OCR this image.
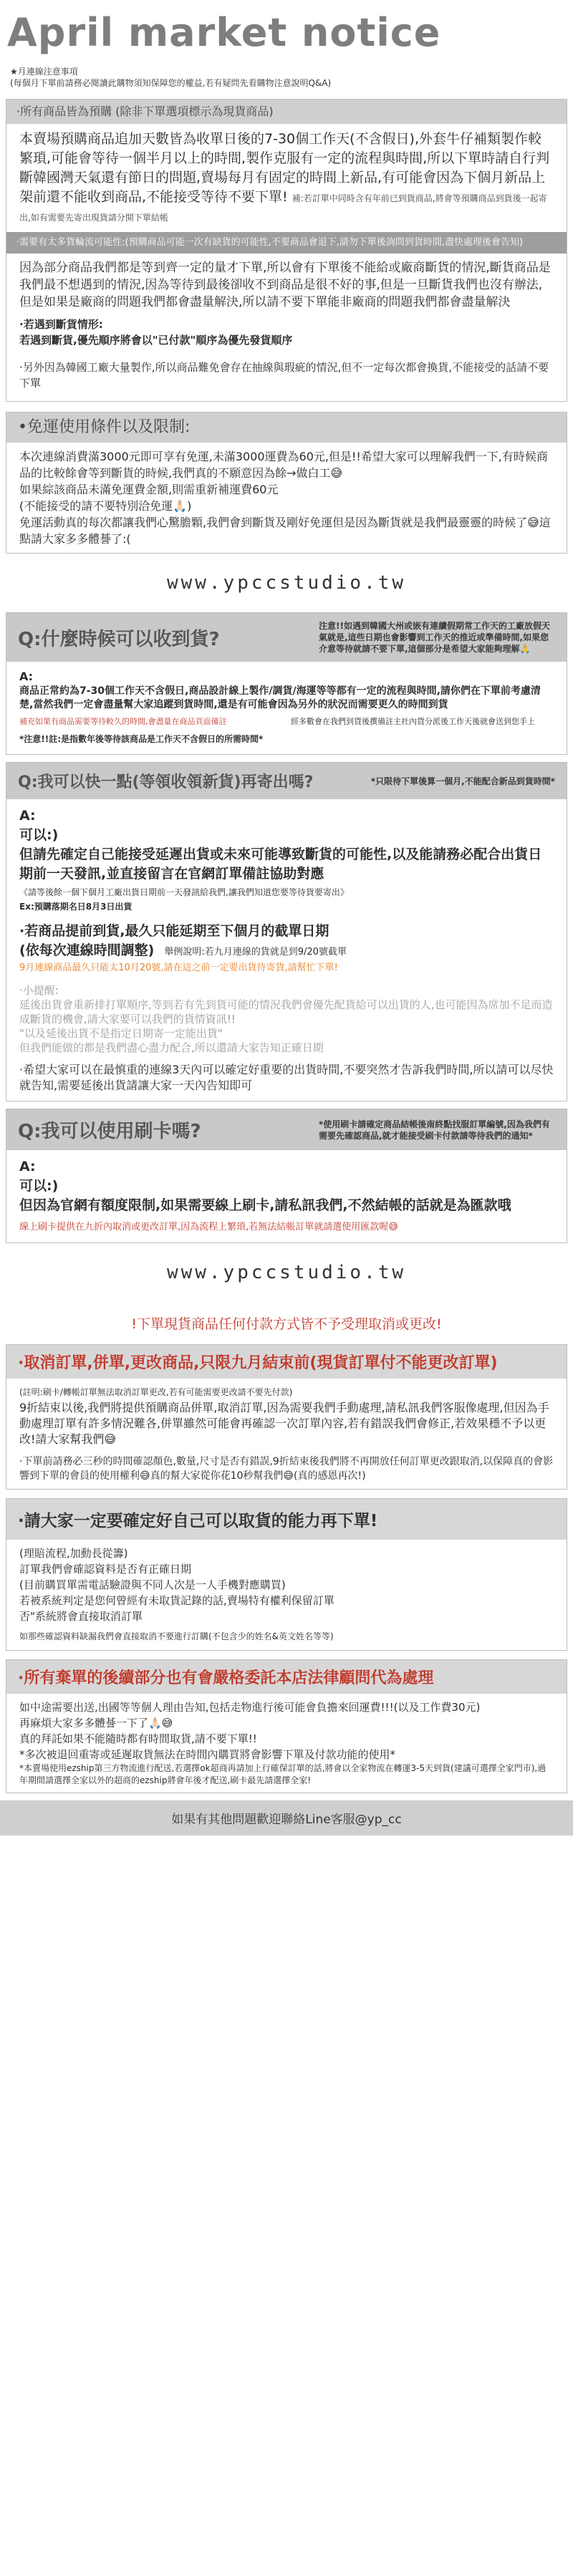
April market notice
★月連線注意事項
(每個月下單前請務必閱讀此購物須知保障您的權益,若有疑問先看購物注意說明Q&A)
·所有商品皆為預購 (除非下單選項標示為現貨商品)
本賣場預購商品追加天數皆為收單日後的7-30個工作天(不含假日),外套牛仔補類製作較繁瑣,可能會等待一個半月以上的時間,製作克服有一定的流程與時間,所以下單時請自行判斷韓國灣天氣還有節日的問題,賣場每月有固定的時間上新品,有可能會因為下個月新品上架前還不能收到商品,不能接受等待不要下單! 補:若訂單中同時含有年前已到貨商品,將會等預購商品到貨後一起寄出,如有需要先寄出現貨請分開下單結帳
·需要有太多貨輪流可能性:(預購商品可能一次有缺貨的可能性,不要商品會退下,請勿下單後詢問到貨時間,盡快處理後會告知)
因為部分商品我們都是等到齊一定的量才下單,所以會有下單後不能給或廠商斷貨的情況,斷貨商品是我們最不想遇到的情況,因為等待到最後卻收不到商品是很不好的事,但是一旦斷貨我們也沒有辦法,但是如果是廠商的問題我們都會盡量解決,所以請不要下單能非廠商的問題我們都會盡量解決
·若遇到斷貨情形:
若遇到斷貨,優先順序將會以"已付款"順序為優先發貨順序
·另外因為韓國工廠大量製作,所以商品難免會存在抽線與瑕疵的情況,但不一定每次都會換貨,不能接受的話請不要下單
•免運使用條件以及限制:
本次連線消費滿3000元即可享有免運,未滿3000運費為60元,但是!!希望大家可以理解我們一下,有時候商品的比較餘會等到斷貨的時候,我們真的不願意因為餘→做白工😅
如果綜該商品未滿免運費金額,則需重新補運費60元
(不能接受的請不要特別洽免運🙏🏻)
免運活動真的每次都讓我們心驚膽顆,我們會到斷貨及剛好免運但是因為斷貨就是我們最靈靈的時候了😅這點請大家多多體諅了:(
www.ypccstudio.tw
Q:什麼時候可以收到貨?
注意!!如遇到韓國大州或嵌有連續假期常工作天的工廠放假天氣就是,這些日期也會影響到工作天的推近或準備時間,如果您介意等待就請不要下單,這個部分是希望大家能夠理解🙏
A:
商品正常約為7-30個工作天不含假日,商品設計線上製作/調貨/海運等等都有一定的流程與時間,請你們在下單前考慮清楚,當然我們一定會盡量幫大家追蹤到貨時間,還是有可能會因為另外的狀況而需要更久的時間到貨
補充如果有商品需要等待較久的時間,會盡量在商品頁面備註	經多數會在我們到貨後撰備註主社內貨分派後工作天後就會送到您手上
*注意!!註:是指數年後等待該商品是工作天不含假日的所需時間*
Q:我可以快一點(等領收領新貨)再寄出嗎?	*只限待下單後算一個月,不能配合新品到貨時間*
A:
可以:)
但請先確定自己能接受延遲出貨或未來可能導致斷貨的可能性,以及能請務必配合出貨日期前一天發訊,並直接留言在官網訂單備註協助對應
《請等後餘一個下個月工廠出貨日期前一天發訊給我們,讓我們知道您要等待貨要寄出》
Ex:預購落期名日8月3日出貨
·若商品提前到貨,最久只能延期至下個月的截單日期
(依每次連線時間調整) 舉例說明:若九月連線的貨就是到9/20號截單
9月連線商品最久只能太10月20號,請在這之前一定要出貨待寄貨,請幫忙下單!
·小提醒:
延後出貨會重新排打單順序,等到若有先到貨可能的情況我們會優先配貨給可以出貨的人,也可能因為席加不足而造成斷貨的機會,請大家要可以我們的貨情資訊!!
"以及延後出貨不是指定日期寄一定能出貨"
但我們能做的都是我們盡心盡力配合,所以還請大家告知正確日期
·希望大家可以在最慎重的連線3天內可以確定好重要的出貨時間,不要突然才告訴我們時間,所以請可以尽快就告知,需要延後出貨請讓大家一天內告知即可
Q:我可以使用刷卡嗎?	*使用刷卡請確定商品結帳後南終點找服訂單編號,因為我們有需要先確認商品,就才能接受刷卡付款請等待我們的通知*
A:
可以:)
但因為官網有額度限制,如果需要線上刷卡,請私訊我們,不然結帳的話就是為匯款哦
線上刷卡提供在九折內取消或更改訂單,因為流程上繁瑣,若無法結帳訂單就請選使用匯款喔😅
www.ypccstudio.tw
!下單現貨商品任何付款方式皆不予受理取消或更改!
·取消訂單,併單,更改商品,只限九月結束前(現貨訂單付不能更改訂單)
(註明:刷卡/轉帳訂單無法取消訂單更改,若有可能需要更改請不要先付款)
9折結束以後,我們將提供預購商品併單,取消訂單,因為需要我們手動處理,請私訊我們客服像處理,但因為手動處理訂單有許多情況難各,併單雖然可能會再確認一次訂單內容,若有錯誤我們會修正,若效果穩不予以更改!請大家幫我們😅
·下單前請務必三秒的時間確認顏色,數量,尺寸是否有錯誤,9折結束後我們將不再開放任何訂單更改跟取消,以保障真的會影響到下單的會員的使用權利😅真的幫大家從你花10秒幫我們😅(真的感恩再次!)
·請大家一定要確定好自己可以取貨的能力再下單!
(理賠流程,加動長從籌)
訂單我們會確認資料是否有正確日期
(目前購買單需電話驗證與不同人次是一人手機對應購買)
若被系統判定是您何曾經有未取貨記錄的話,賣場特有權利保留訂單
否"系統將會直接取消訂單
如那些確認資料缺漏我們會直接取消不要進行訂購(不包含少的姓名&英文姓名等等)
·所有棄單的後續部分也有會嚴格委託本店法律顧問代為處理
如中途需要出送,出國等等個人理由告知,包括走物進行後可能會負擔來回運費!!!(以及工作費30元)
再麻煩大家多多體諅一下了🙏🏻😅
真的拜託如果不能隨時都有時間取貨,請不要下單!!
*多次被退回重寄或延遲取貨無法在時間內購買將會影響下單及付款功能的使用*
*本賣場使用ezship第三方物流進行配送,若選擇ok超商再請加上行確保訂單的話,將會以全家物流在轉運3-5天到貨(建議可選擇全家門市),過年期間請選擇全家以外的超商的ezship將會年後才配送,刷卡最先請選擇全家!
如果有其他問題歡迎聯絡Line客服@yp_cc
